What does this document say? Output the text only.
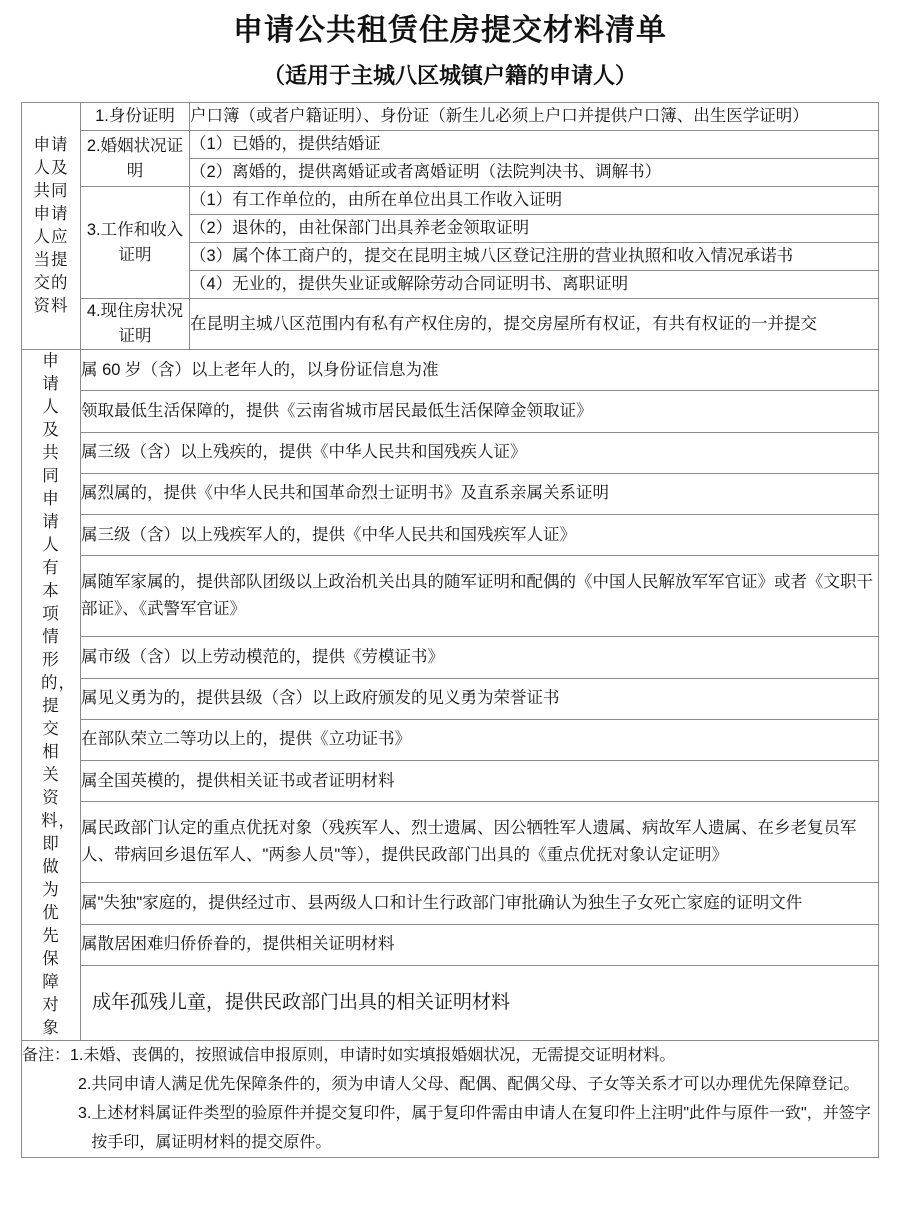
申请公共租赁住房提交材料清单
（适用于主城八区城镇户籍的申请人）
申请人及共同申请人应当提交的资料	1.身份证明	户口簿（或者户籍证明）、身份证（新生儿必须上户口并提供户口簿、出生医学证明）
	2.婚姻状况证明	（1）已婚的，提供结婚证
		（2）离婚的，提供离婚证或者离婚证明（法院判决书、调解书）
	3.工作和收入证明	（1）有工作单位的，由所在单位出具工作收入证明
		（2）退休的，由社保部门出具养老金领取证明
		（3）属个体工商户的，提交在昆明主城八区登记注册的营业执照和收入情况承诺书
		（4）无业的，提供失业证或解除劳动合同证明书、离职证明
	4.现住房状况证明	在昆明主城八区范围内有私有产权住房的，提交房屋所有权证，有共有权证的一并提交

申请人及共同申请人有本项情形的，提交相关资料，即做为优先保障对象	属 60 岁（含）以上老年人的，以身份证信息为准	
	领取最低生活保障的，提供《云南省城市居民最低生活保障金领取证》	
	属三级（含）以上残疾的，提供《中华人民共和国残疾人证》	
	属烈属的，提供《中华人民共和国革命烈士证明书》及直系亲属关系证明	
	属三级（含）以上残疾军人的，提供《中华人民共和国残疾军人证》	
	属随军家属的，提供部队团级以上政治机关出具的随军证明和配偶的《中国人民解放军军官证》或者《文职干部证》、《武警军官证》	
	属市级（含）以上劳动模范的，提供《劳模证书》	
	属见义勇为的，提供县级（含）以上政府颁发的见义勇为荣誉证书	
	在部队荣立二等功以上的，提供《立功证书》	
	属全国英模的，提供相关证书或者证明材料	
	属民政部门认定的重点优抚对象（残疾军人、烈士遗属、因公牺牲军人遗属、病故军人遗属、在乡老复员军人、带病回乡退伍军人、"两参人员"等），提供民政部门出具的《重点优抚对象认定证明》	
	属"失独"家庭的，提供经过市、县两级人口和计生行政部门审批确认为独生子女死亡家庭的证明文件	
	属散居困难归侨侨眷的，提供相关证明材料	
	成年孤残儿童，提供民政部门出具的相关证明材料	

备注： 1. 未婚、丧偶的，按照诚信申报原则，申请时如实填报婚姻状况，无需提交证明材料。
2. 共同申请人满足优先保障条件的，须为申请人父母、配偶、配偶父母、子女等关系才可以办理优先保障登记。
3. 上述材料属证件类型的验原件并提交复印件，属于复印件需由申请人在复印件上注明"此件与原件一致"，并签字按手印，属证明材料的提交原件。
